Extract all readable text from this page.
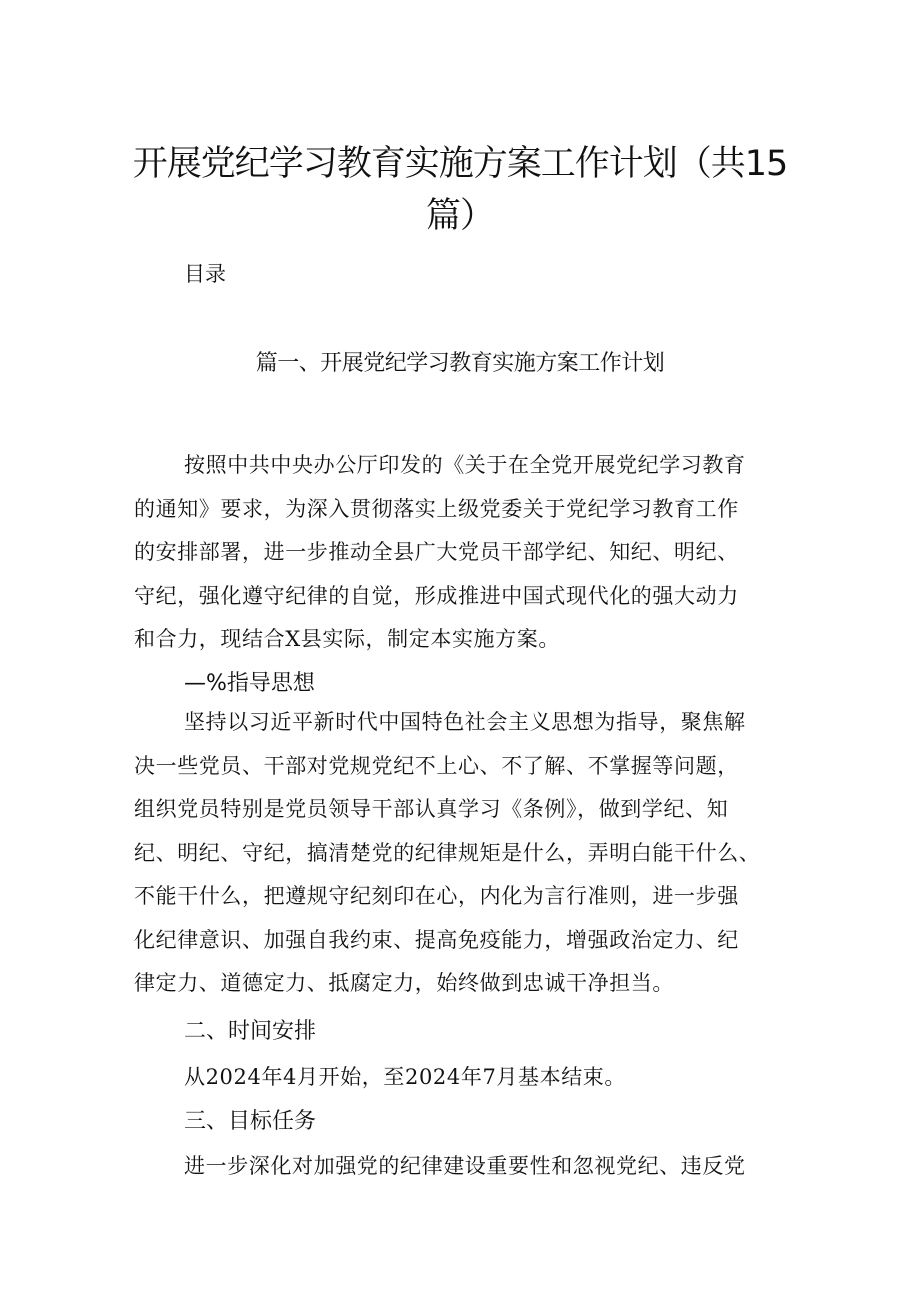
开展党纪学习教育实施方案工作计划（共15
篇）
目录
篇一、开展党纪学习教育实施方案工作计划
按照中共中央办公厅印发的《关于在全党开展党纪学习教育
的通知》要求，为深入贯彻落实上级党委关于党纪学习教育工作
的安排部署，进一步推动全县广大党员干部学纪、知纪、明纪、
守纪，强化遵守纪律的自觉，形成推进中国式现代化的强大动力
和合力，现结合X县实际，制定本实施方案。
—%指导思想
坚持以习近平新时代中国特色社会主义思想为指导，聚焦解
决一些党员、干部对党规党纪不上心、不了解、不掌握等问题，
组织党员特别是党员领导干部认真学习《条例》，做到学纪、知
纪、明纪、守纪，搞清楚党的纪律规矩是什么，弄明白能干什么、
不能干什么，把遵规守纪刻印在心，内化为言行准则，进一步强
化纪律意识、加强自我约束、提高免疫能力，增强政治定力、纪
律定力、道德定力、抵腐定力，始终做到忠诚干净担当。
二、时间安排

从2024年4月开始，至2024年7月基本结束。

三、目标任务

进一步深化对加强党的纪律建设重要性和忽视党纪、违反党
